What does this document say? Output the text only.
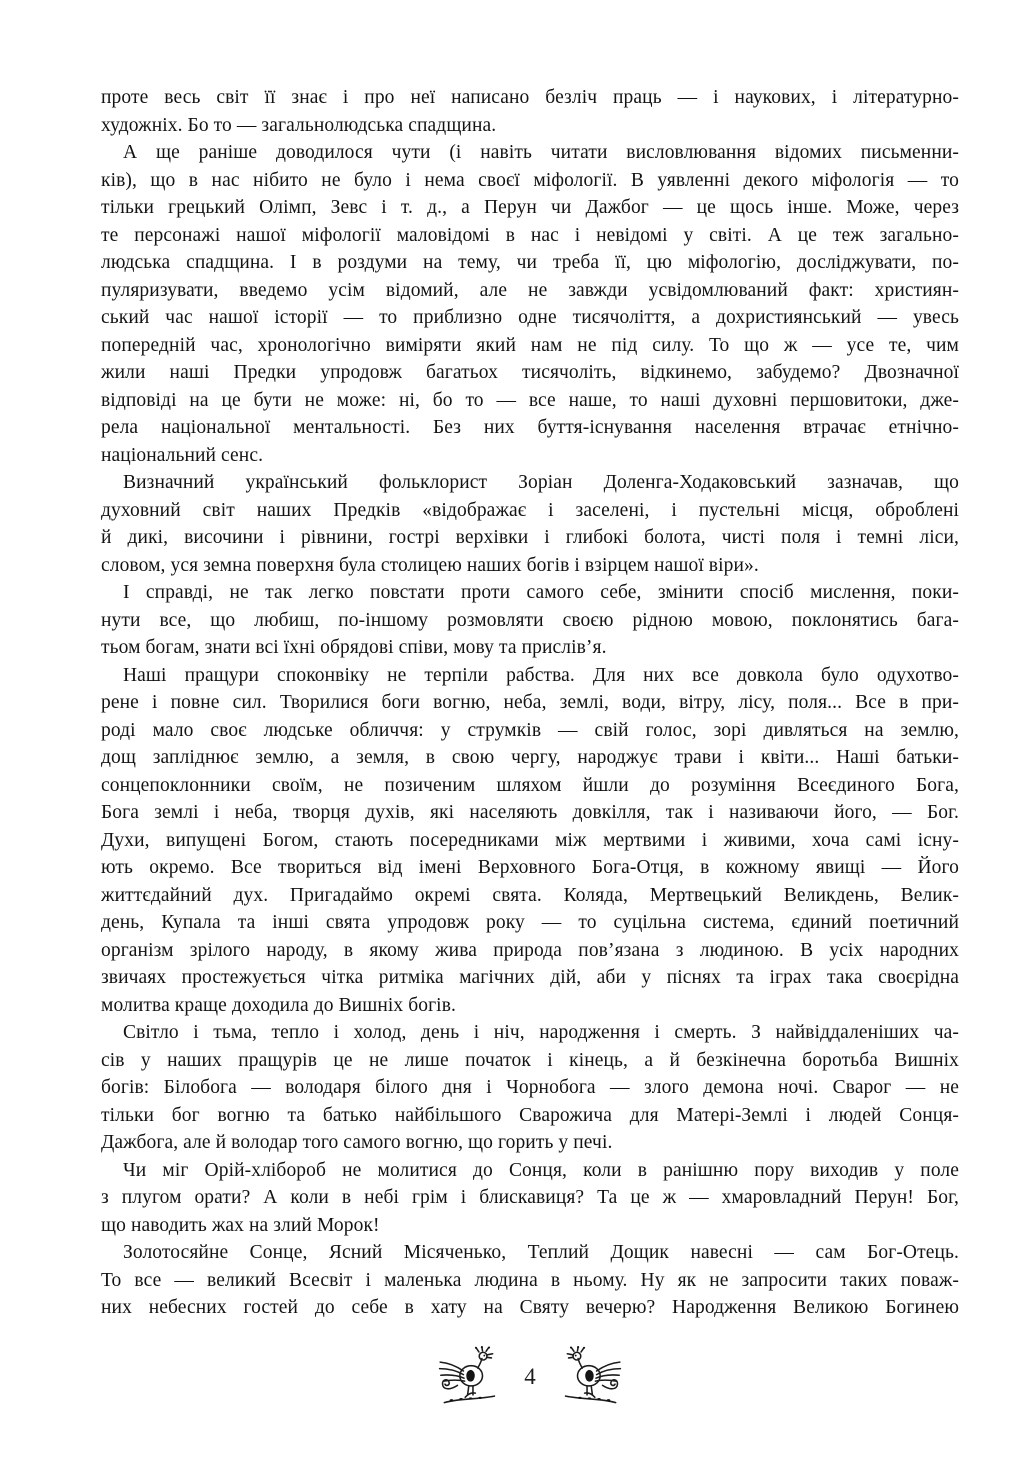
проте весь світ її знає і про неї написано безліч праць — і наукових, і літературно-
художніх. Бо то — загальнолюдська спадщина.
А ще раніше доводилося чути (і навіть читати висловлювання відомих письменни-
ків), що в нас нібито не було і нема своєї міфології. В уявленні декого міфологія — то
тільки грецький Олімп, Зевс і т. д., а Перун чи Дажбог — це щось інше. Може, через
те персонажі нашої міфології маловідомі в нас і невідомі у світі. А це теж загально-
людська спадщина. І в роздуми на тему, чи треба її, цю міфологію, досліджувати, по-
пуляризувати, введемо усім відомий, але не завжди усвідомлюваний факт: християн-
ський час нашої історії — то приблизно одне тисячоліття, а дохристиянський — увесь
попередній час, хронологічно виміряти який нам не під силу. То що ж — усе те, чим
жили наші Предки упродовж багатьох тисячоліть, відкинемо, забудемо? Двозначної
відповіді на це бути не може: ні, бо то — все наше, то наші духовні першовитоки, дже-
рела національної ментальності. Без них буття-існування населення втрачає етнічно-
національний сенс.
Визначний український фольклорист Зоріан Доленга-Ходаковський зазначав, що
духовний світ наших Предків «відображає і заселені, і пустельні місця, оброблені
й дикі, височини і рівнини, гострі верхівки і глибокі болота, чисті поля і темні ліси,
словом, уся земна поверхня була столицею наших богів і взірцем нашої віри».
І справді, не так легко повстати проти самого себе, змінити спосіб мислення, поки-
нути все, що любиш, по-іншому розмовляти своєю рідною мовою, поклонятись бага-
тьом богам, знати всі їхні обрядові співи, мову та прислів’я.
Наші пращури споконвіку не терпіли рабства. Для них все довкола було одухотво-
рене і повне сил. Творилися боги вогню, неба, землі, води, вітру, лісу, поля... Все в при-
роді мало своє людське обличчя: у струмків — свій голос, зорі дивляться на землю,
дощ запліднює землю, а земля, в свою чергу, народжує трави і квіти... Наші батьки-
сонцепоклонники своїм, не позиченим шляхом йшли до розуміння Всеєдиного Бога,
Бога землі і неба, творця духів, які населяють довкілля, так і називаючи його, — Бог.
Духи, випущені Богом, стають посередниками між мертвими і живими, хоча самі існу-
ють окремо. Все твориться від імені Верховного Бога-Отця, в кожному явищі — Його
життєдайний дух. Пригадаймо окремі свята. Коляда, Мертвецький Великдень, Велик-
день, Купала та інші свята упродовж року — то суцільна система, єдиний поетичний
організм зрілого народу, в якому жива природа пов’язана з людиною. В усіх народних
звичаях простежується чітка ритміка магічних дій, аби у піснях та іграх така своєрідна
молитва краще доходила до Вишніх богів.
Світло і тьма, тепло і холод, день і ніч, народження і смерть. З найвіддаленіших ча-
сів у наших пращурів це не лише початок і кінець, а й безкінечна боротьба Вишніх
богів: Білобога — володаря білого дня і Чорнобога — злого демона ночі. Сварог — не
тільки бог вогню та батько найбільшого Сварожича для Матері-Землі і людей Сонця-
Дажбога, але й володар того самого вогню, що горить у печі.
Чи міг Орій-хлібороб не молитися до Сонця, коли в ранішню пору виходив у поле
з плугом орати? А коли в небі грім і блискавиця? Та це ж — хмаровладний Перун! Бог,
що наводить жах на злий Морок!
Золотосяйне Сонце, Ясний Місяченько, Теплий Дощик навесні — сам Бог-Отець.
То все — великий Всесвіт і маленька людина в ньому. Ну як не запросити таких поваж-
них небесних гостей до себе в хату на Святу вечерю? Народження Великою Богинею
4
